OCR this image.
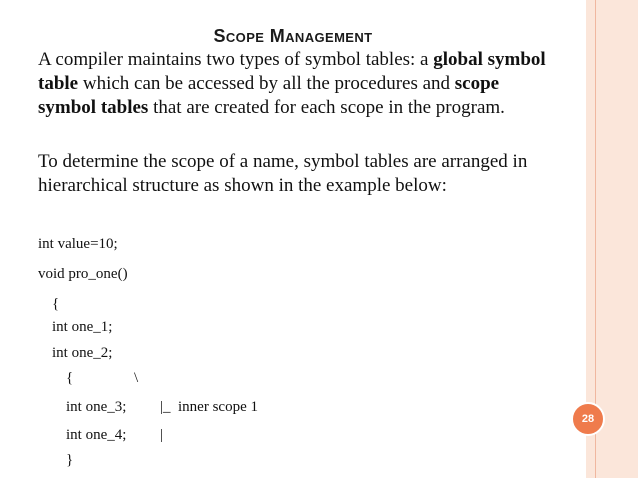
Scope Management

A compiler maintains two types of symbol tables: a global symbol table which can be accessed by all the procedures and scope symbol tables that are created for each scope in the program.

To determine the scope of a name, symbol tables are arranged in hierarchical structure as shown in the example below:

int value=10;
void pro_one()
{
int one_1;
int one_2;
{	\
int one_3; |_  inner scope 1
int one_4; |
}
28
